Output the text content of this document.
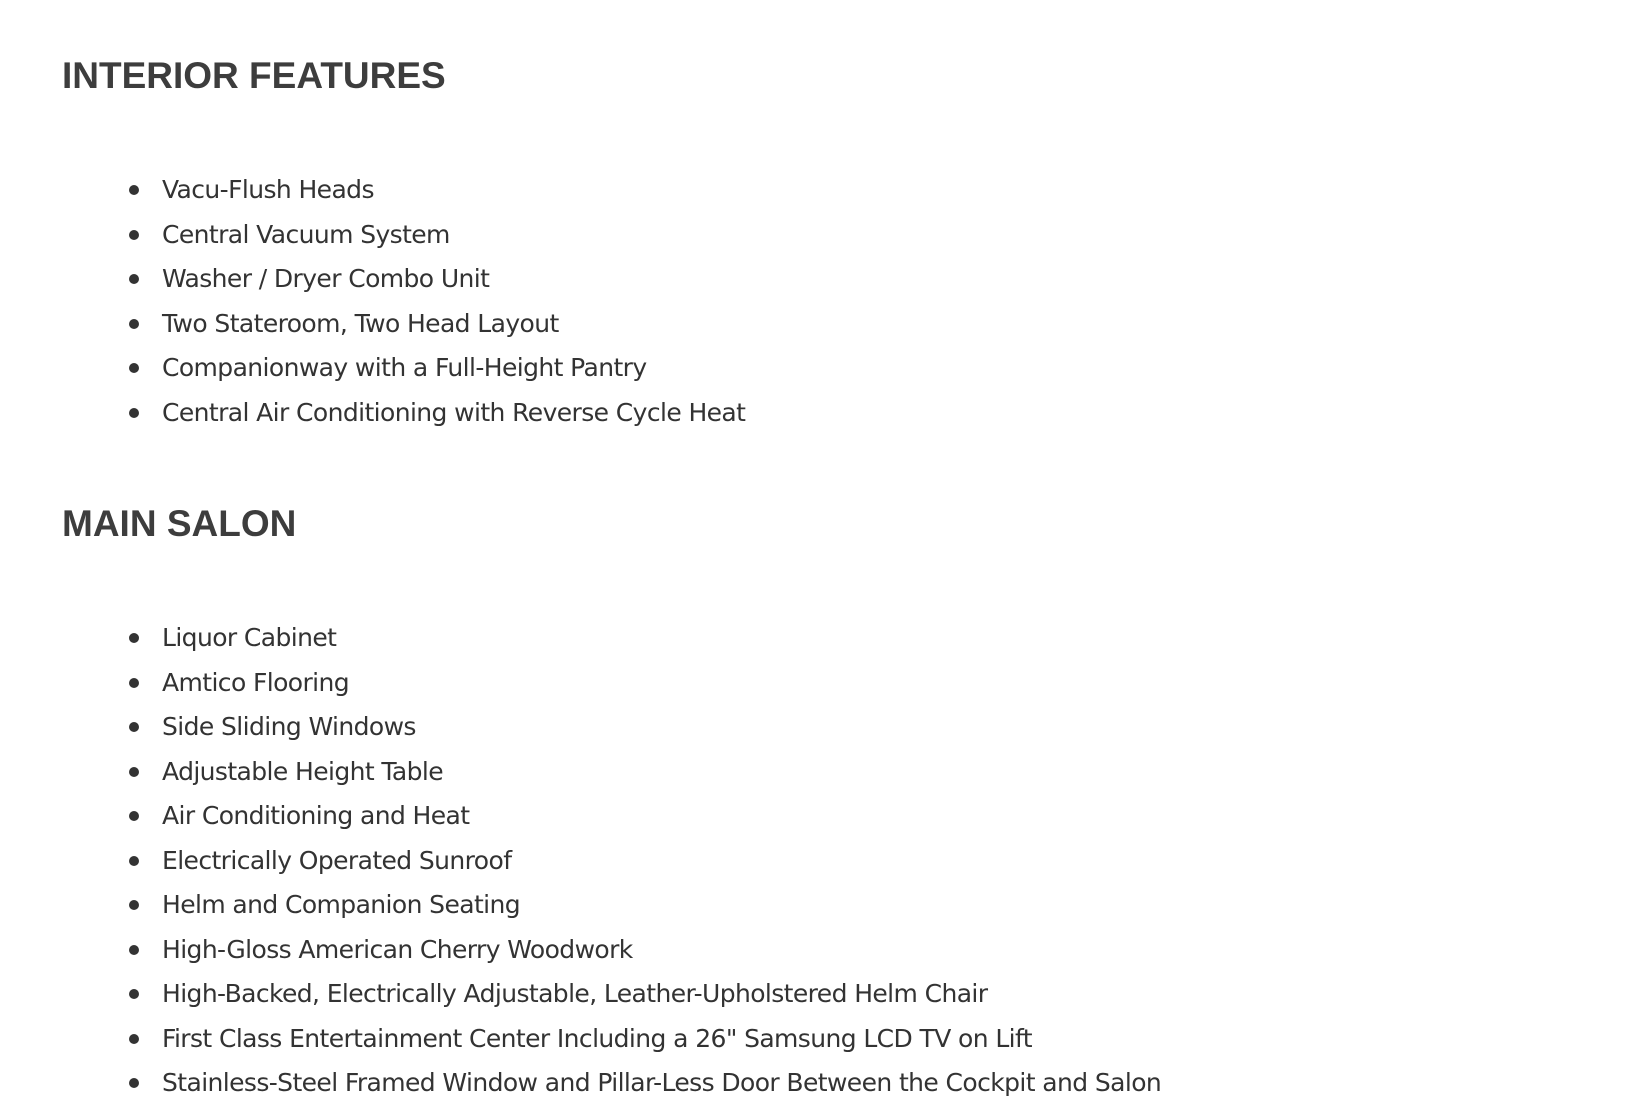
INTERIOR FEATURES
Vacu-Flush Heads
Central Vacuum System
Washer / Dryer Combo Unit
Two Stateroom, Two Head Layout
Companionway with a Full-Height Pantry
Central Air Conditioning with Reverse Cycle Heat
MAIN SALON
Liquor Cabinet
Amtico Flooring
Side Sliding Windows
Adjustable Height Table
Air Conditioning and Heat
Electrically Operated Sunroof
Helm and Companion Seating
High-Gloss American Cherry Woodwork
High-Backed, Electrically Adjustable, Leather-Upholstered Helm Chair
First Class Entertainment Center Including a 26" Samsung LCD TV on Lift
Stainless-Steel Framed Window and Pillar-Less Door Between the Cockpit and Salon
